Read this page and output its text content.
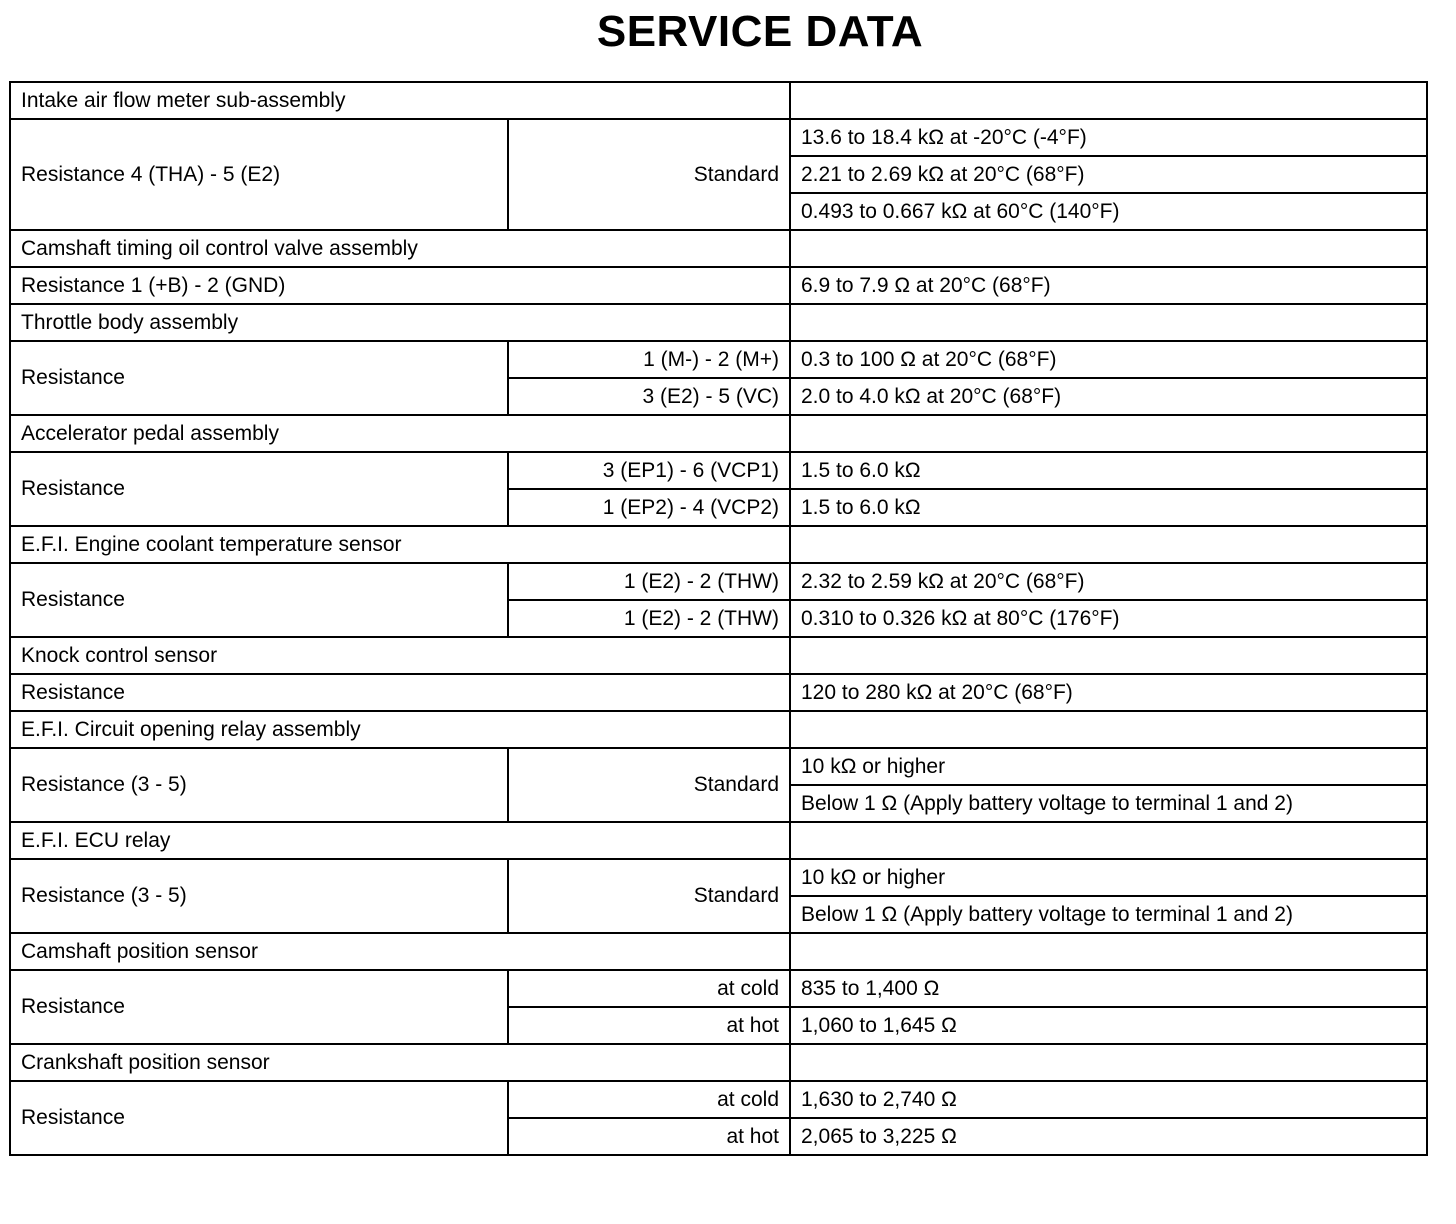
SERVICE DATA
Intake air flow meter sub-assembly		
Resistance 4 (THA) - 5 (E2)	Standard	13.6 to 18.4 kΩ at -20°C (-4°F)
		2.21 to 2.69 kΩ at 20°C (68°F)
		0.493 to 0.667 kΩ at 60°C (140°F)
Camshaft timing oil control valve assembly		
Resistance 1 (+B) - 2 (GND)		6.9 to 7.9 Ω at 20°C (68°F)
Throttle body assembly		
Resistance	1 (M-) - 2 (M+)	0.3 to 100 Ω at 20°C (68°F)
	3 (E2) - 5 (VC)	2.0 to 4.0 kΩ at 20°C (68°F)
Accelerator pedal assembly		
Resistance	3 (EP1) - 6 (VCP1)	1.5 to 6.0 kΩ
	1 (EP2) - 4 (VCP2)	1.5 to 6.0 kΩ
E.F.I. Engine coolant temperature sensor		
Resistance	1 (E2) - 2 (THW)	2.32 to 2.59 kΩ at 20°C (68°F)
	1 (E2) - 2 (THW)	0.310 to 0.326 kΩ at 80°C (176°F)
Knock control sensor		
Resistance		120 to 280 kΩ at 20°C (68°F)
E.F.I. Circuit opening relay assembly		
Resistance (3 - 5)	Standard	10 kΩ or higher
		Below 1 Ω (Apply battery voltage to terminal 1 and 2)
E.F.I. ECU relay		
Resistance (3 - 5)	Standard	10 kΩ or higher
		Below 1 Ω (Apply battery voltage to terminal 1 and 2)
Camshaft position sensor		
Resistance	at cold	835 to 1,400 Ω
	at hot	1,060 to 1,645 Ω
Crankshaft position sensor		
Resistance	at cold	1,630 to 2,740 Ω
	at hot	2,065 to 3,225 Ω
